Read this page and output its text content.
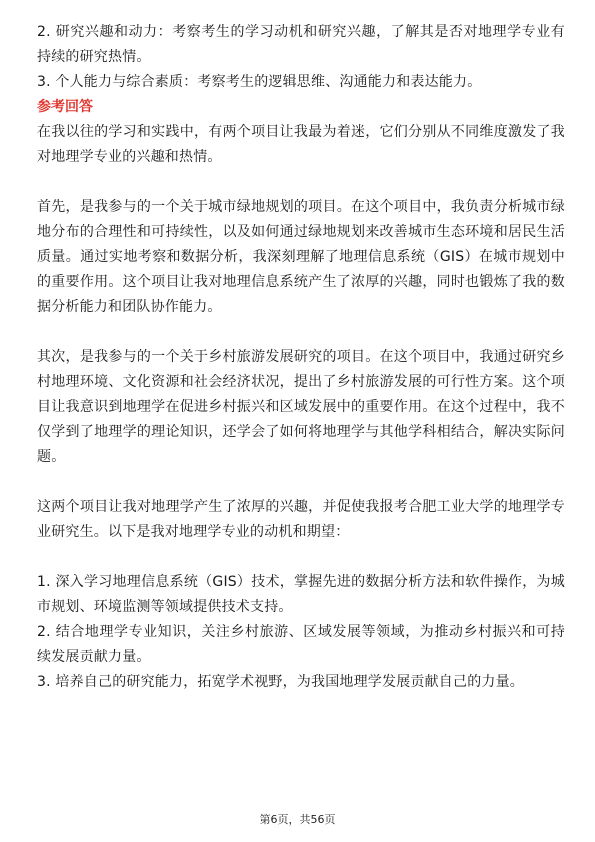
2. 研究兴趣和动力：考察考生的学习动机和研究兴趣，了解其是否对地理学专业有持续的研究热情。

3. 个人能力与综合素质：考察考生的逻辑思维、沟通能力和表达能力。

参考回答

在我以往的学习和实践中，有两个项目让我最为着迷，它们分别从不同维度激发了我对地理学专业的兴趣和热情。

首先，是我参与的一个关于城市绿地规划的项目。在这个项目中，我负责分析城市绿地分布的合理性和可持续性，以及如何通过绿地规划来改善城市生态环境和居民生活质量。通过实地考察和数据分析，我深刻理解了地理信息系统（GIS）在城市规划中的重要作用。这个项目让我对地理信息系统产生了浓厚的兴趣，同时也锻炼了我的数据分析能力和团队协作能力。

其次，是我参与的一个关于乡村旅游发展研究的项目。在这个项目中，我通过研究乡村地理环境、文化资源和社会经济状况，提出了乡村旅游发展的可行性方案。这个项目让我意识到地理学在促进乡村振兴和区域发展中的重要作用。在这个过程中，我不仅学到了地理学的理论知识，还学会了如何将地理学与其他学科相结合，解决实际问题。

这两个项目让我对地理学产生了浓厚的兴趣，并促使我报考合肥工业大学的地理学专业研究生。以下是我对地理学专业的动机和期望：

1. 深入学习地理信息系统（GIS）技术，掌握先进的数据分析方法和软件操作，为城市规划、环境监测等领域提供技术支持。

2. 结合地理学专业知识，关注乡村旅游、区域发展等领域，为推动乡村振兴和可持续发展贡献力量。

3. 培养自己的研究能力，拓宽学术视野，为我国地理学发展贡献自己的力量。

第6页，共56页
